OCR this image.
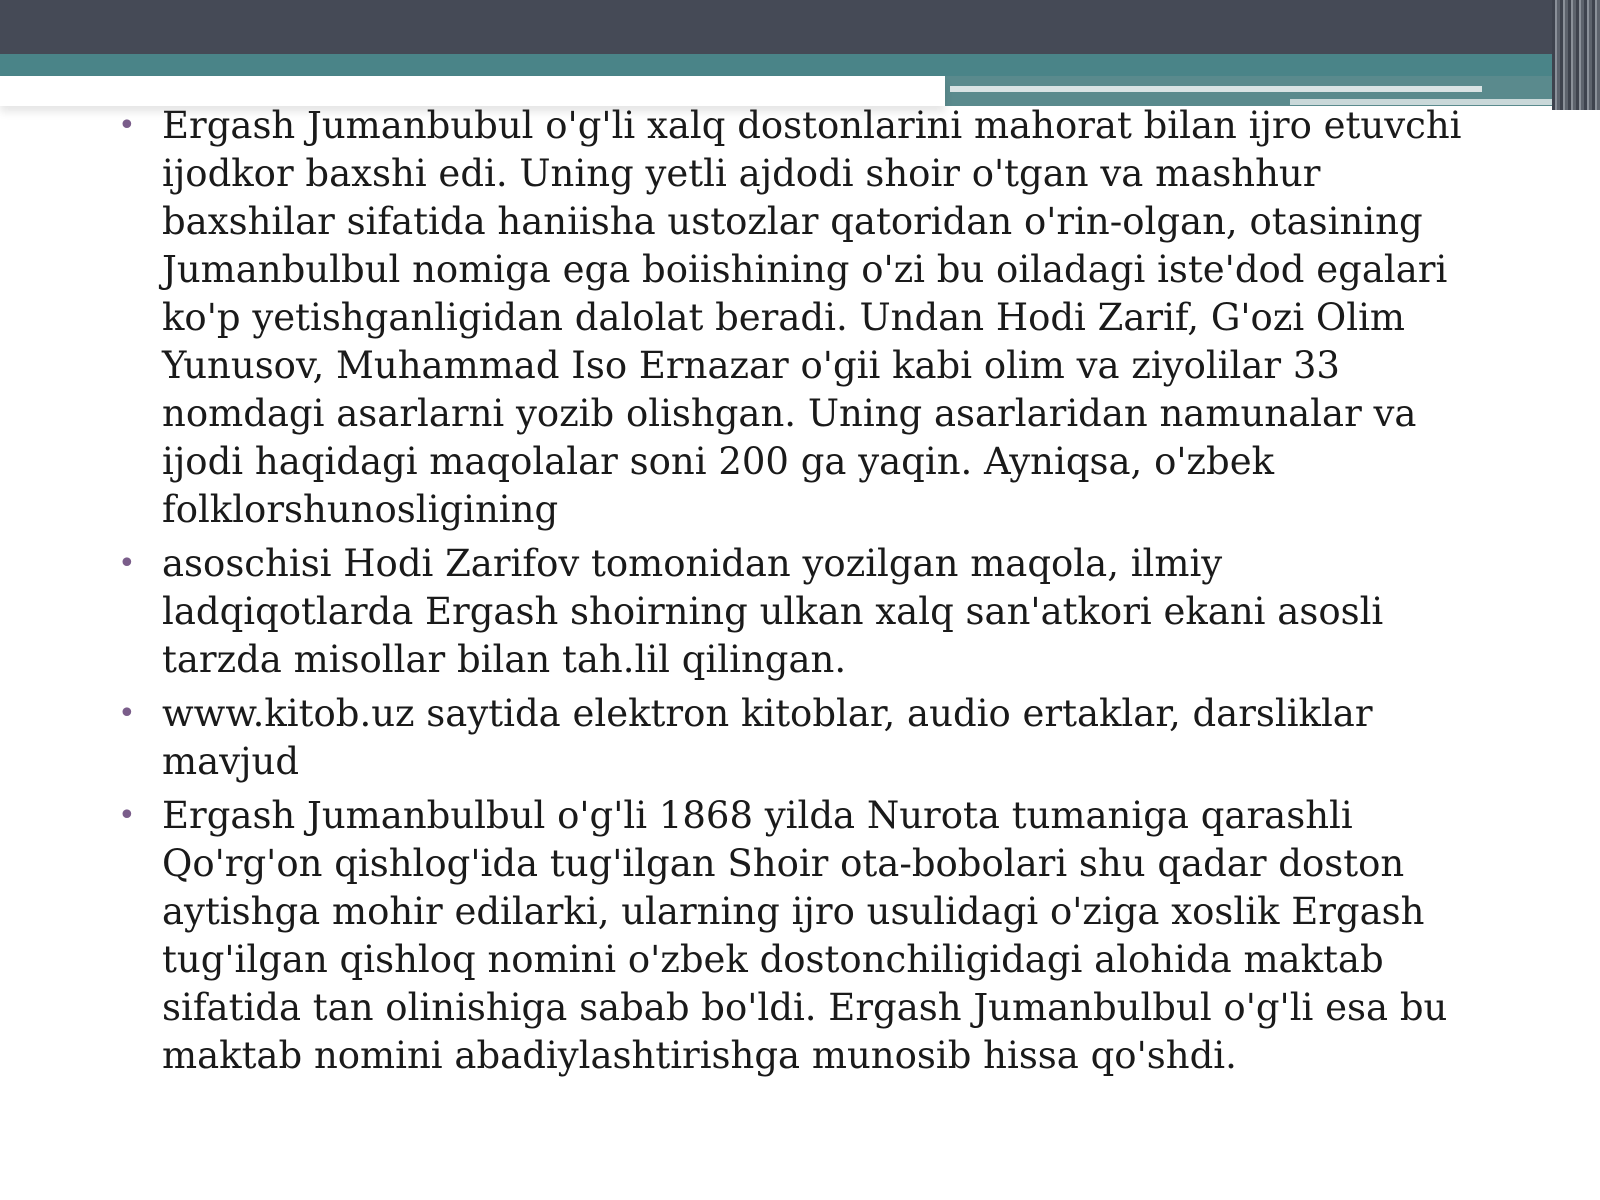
• Ergash Jumanbubul o'g'li xalq dostonlarini mahorat bilan ijro etuvchi
ijodkor baxshi edi. Uning yetli ajdodi shoir o'tgan va mashhur
baxshilar sifatida haniisha ustozlar qatoridan o'rin-olgan, otasining
Jumanbulbul nomiga ega boiishining o'zi bu oiladagi iste'dod egalari
ko'p yetishganligidan dalolat beradi. Undan Hodi Zarif, G'ozi Olim
Yunusov, Muhammad Iso Ernazar o'gii kabi olim va ziyolilar 33
nomdagi asarlarni yozib olishgan. Uning asarlaridan namunalar va
ijodi haqidagi maqolalar soni 200 ga yaqin. Ayniqsa, o'zbek
folklorshunosligining
• asoschisi Hodi Zarifov tomonidan yozilgan maqola, ilmiy
ladqiqotlarda Ergash shoirning ulkan xalq san'atkori ekani asosli
tarzda misollar bilan tah.lil qilingan.
• www.kitob.uz saytida elektron kitoblar, audio ertaklar, darsliklar
mavjud
• Ergash Jumanbulbul o'g'li 1868 yilda Nurota tumaniga qarashli
Qo'rg'on qishlog'ida tug'ilgan Shoir ota-bobolari shu qadar doston
aytishga mohir edilarki, ularning ijro usulidagi o'ziga xoslik Ergash
tug'ilgan qishloq nomini o'zbek dostonchiligidagi alohida maktab
sifatida tan olinishiga sabab bo'ldi. Ergash Jumanbulbul o'g'li esa bu
maktab nomini abadiylashtirishga munosib hissa qo'shdi.
